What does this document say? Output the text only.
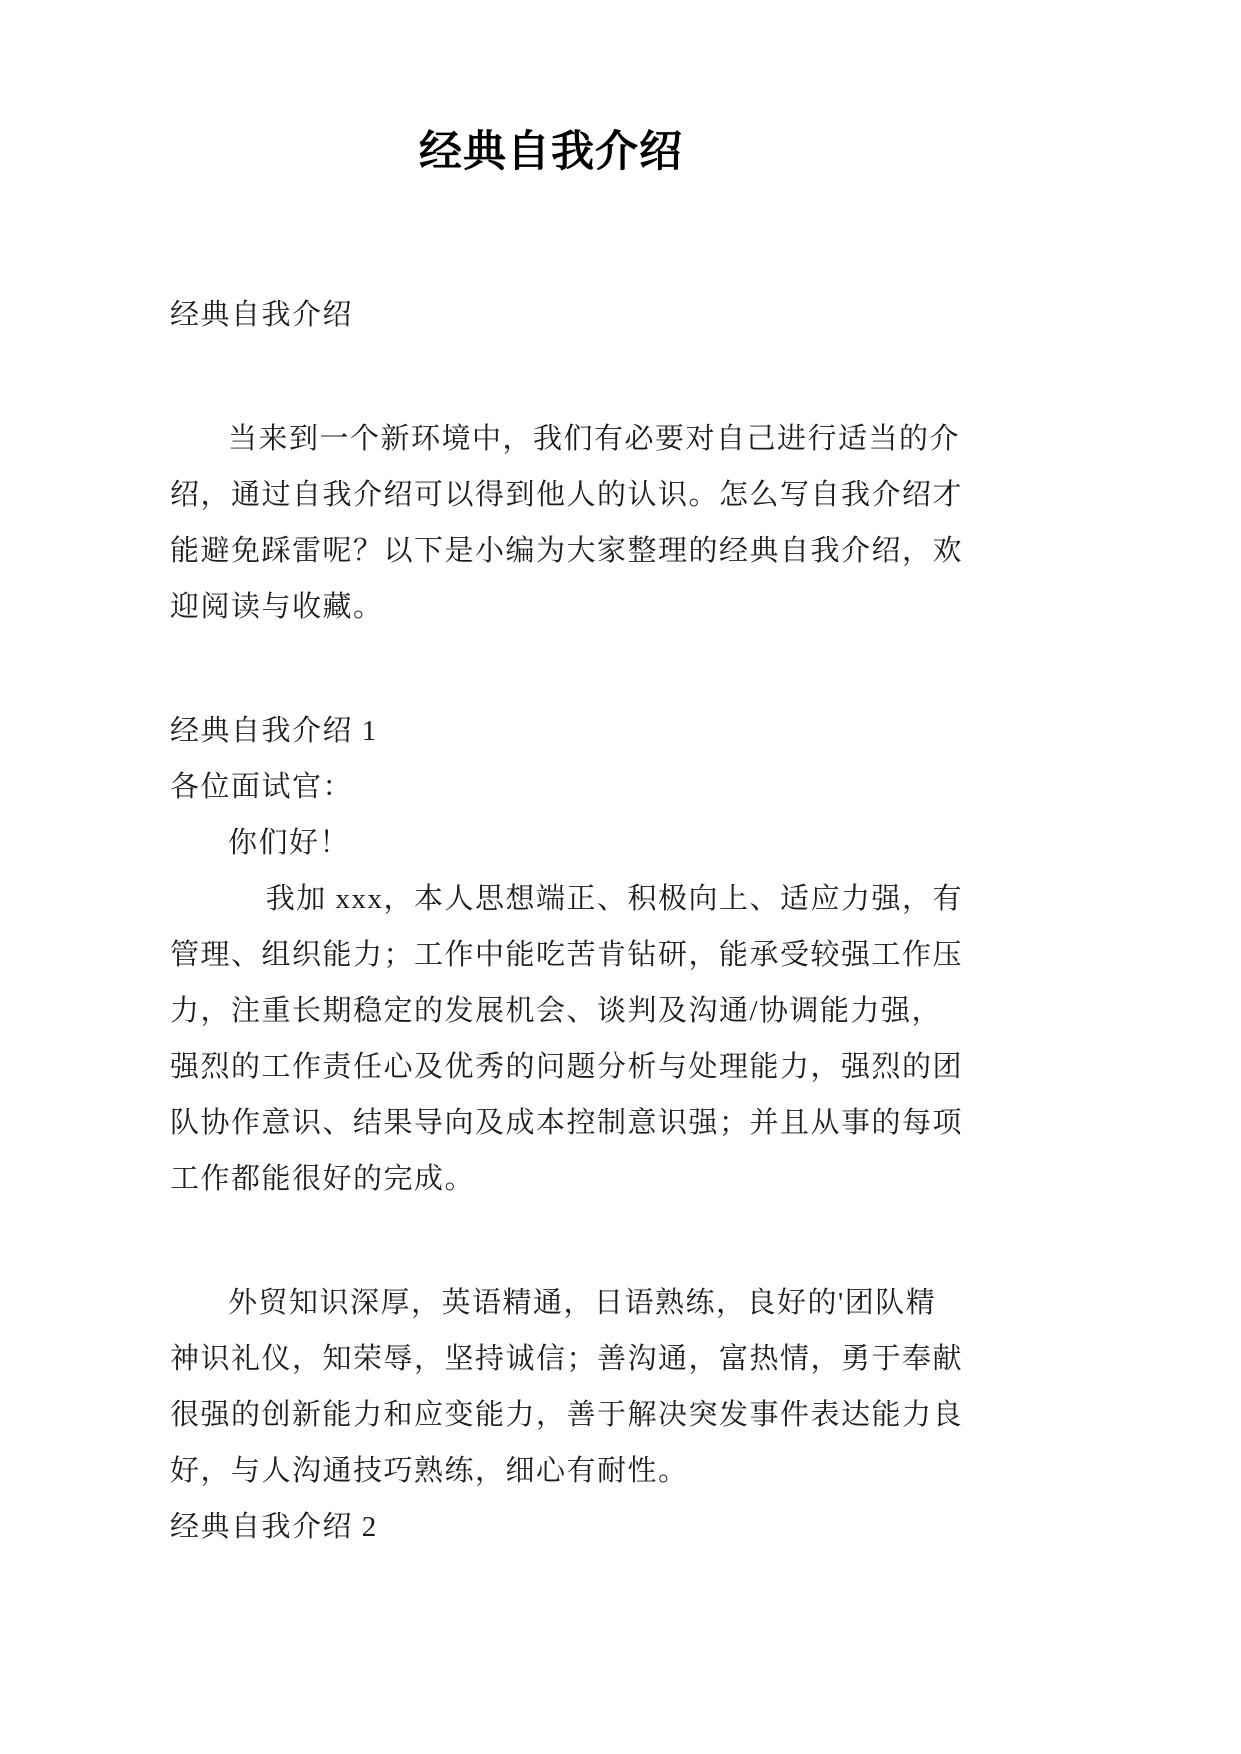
经典自我介绍
经典自我介绍
当来到一个新环境中，我们有必要对自己进行适当的介
绍，通过自我介绍可以得到他人的认识。怎么写自我介绍才
能避免踩雷呢？以下是小编为大家整理的经典自我介绍，欢
迎阅读与收藏。
经典自我介绍 1
各位面试官：
你们好！
我加 xxx，本人思想端正、积极向上、适应力强，有
管理、组织能力；工作中能吃苦肯钻研，能承受较强工作压
力，注重长期稳定的发展机会、谈判及沟通/协调能力强，
强烈的工作责任心及优秀的问题分析与处理能力，强烈的团
队协作意识、结果导向及成本控制意识强；并且从事的每项
工作都能很好的完成。
外贸知识深厚，英语精通，日语熟练，良好的'团队精
神识礼仪，知荣辱，坚持诚信；善沟通，富热情，勇于奉献
很强的创新能力和应变能力，善于解决突发事件表达能力良
好，与人沟通技巧熟练，细心有耐性。
经典自我介绍 2
